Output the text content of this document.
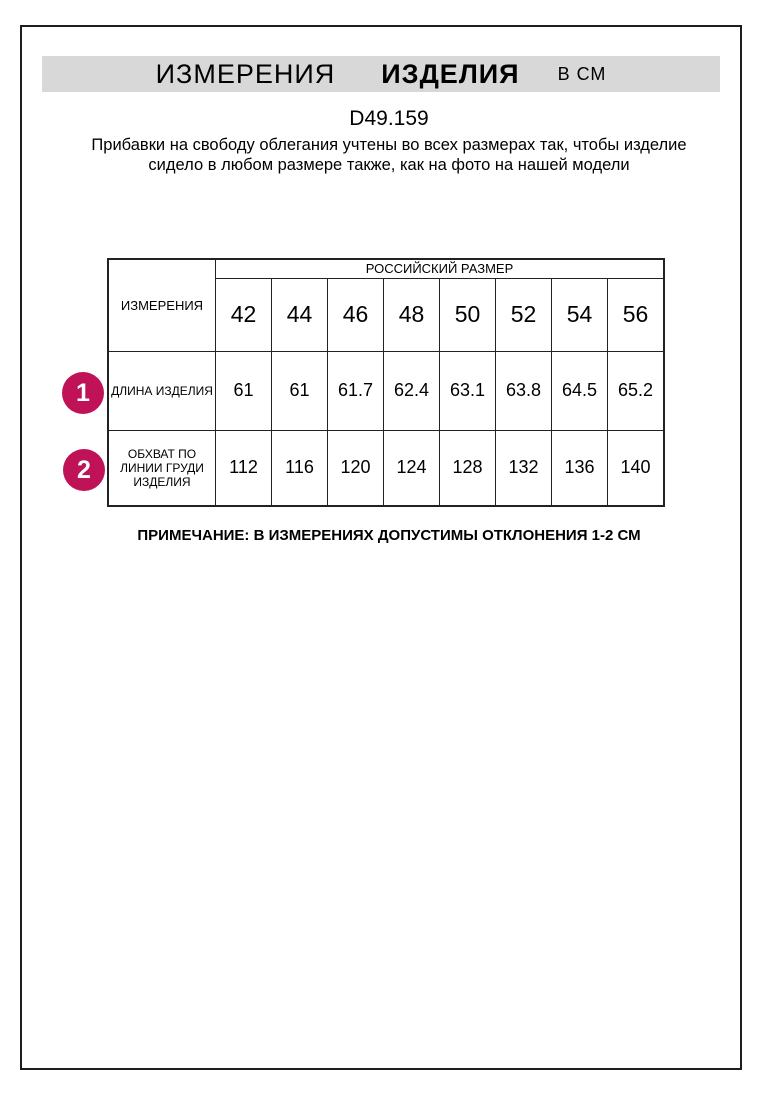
ИЗМЕРЕНИЯ ИЗДЕЛИЯ В СМ
D49.159
Прибавки на свободу облегания учтены во всех размерах так, чтобы изделие сидело в любом размере также, как на фото на нашей модели
ИЗМЕРЕНИЯ	РОССИЙСКИЙ РАЗМЕР							
	42	44	46	48	50	52	54	56
ДЛИНА ИЗДЕЛИЯ	61	61	61.7	62.4	63.1	63.8	64.5	65.2
ОБХВАТ ПО ЛИНИИ ГРУДИ ИЗДЕЛИЯ	112	116	120	124	128	132	136	140
1
2
ПРИМЕЧАНИЕ: В ИЗМЕРЕНИЯХ ДОПУСТИМЫ ОТКЛОНЕНИЯ 1-2 СМ
